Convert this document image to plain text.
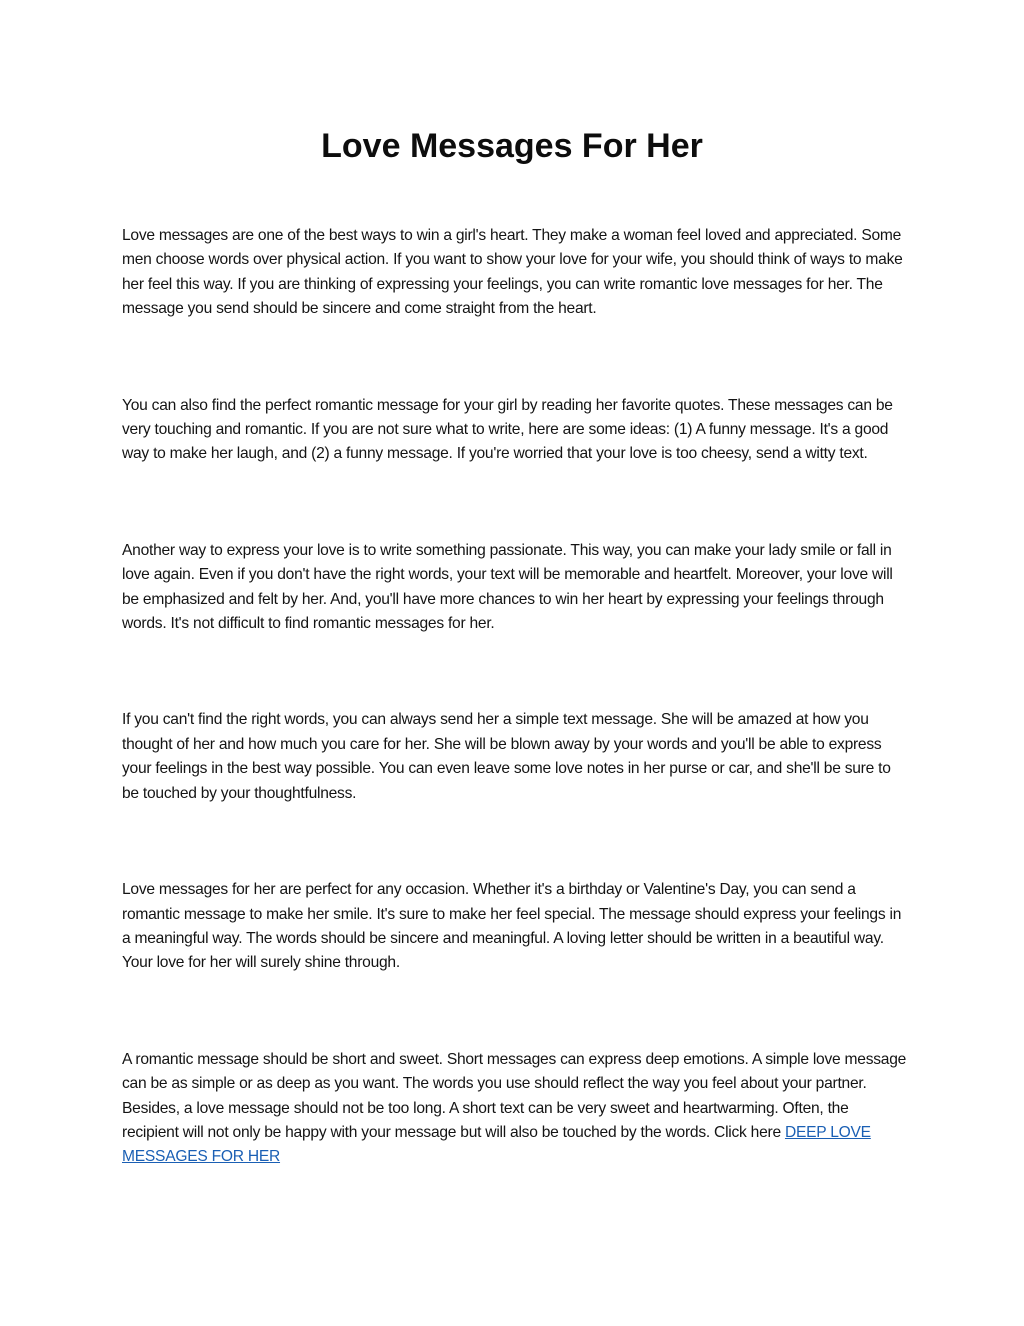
Love Messages For Her

Love messages are one of the best ways to win a girl's heart. They make a woman feel loved and appreciated. Some men choose words over physical action. If you want to show your love for your wife, you should think of ways to make her feel this way. If you are thinking of expressing your feelings, you can write romantic love messages for her. The message you send should be sincere and come straight from the heart.

You can also find the perfect romantic message for your girl by reading her favorite quotes. These messages can be very touching and romantic. If you are not sure what to write, here are some ideas: (1) A funny message. It's a good way to make her laugh, and (2) a funny message. If you're worried that your love is too cheesy, send a witty text.

Another way to express your love is to write something passionate. This way, you can make your lady smile or fall in love again. Even if you don't have the right words, your text will be memorable and heartfelt. Moreover, your love will be emphasized and felt by her. And, you'll have more chances to win her heart by expressing your feelings through words. It's not difficult to find romantic messages for her.

If you can't find the right words, you can always send her a simple text message. She will be amazed at how you thought of her and how much you care for her. She will be blown away by your words and you'll be able to express your feelings in the best way possible. You can even leave some love notes in her purse or car, and she'll be sure to be touched by your thoughtfulness.

Love messages for her are perfect for any occasion. Whether it's a birthday or Valentine's Day, you can send a romantic message to make her smile. It's sure to make her feel special. The message should express your feelings in a meaningful way. The words should be sincere and meaningful. A loving letter should be written in a beautiful way. Your love for her will surely shine through.

A romantic message should be short and sweet. Short messages can express deep emotions. A simple love message can be as simple or as deep as you want. The words you use should reflect the way you feel about your partner. Besides, a love message should not be too long. A short text can be very sweet and heartwarming. Often, the recipient will not only be happy with your message but will also be touched by the words. Click here DEEP LOVE MESSAGES FOR HER
